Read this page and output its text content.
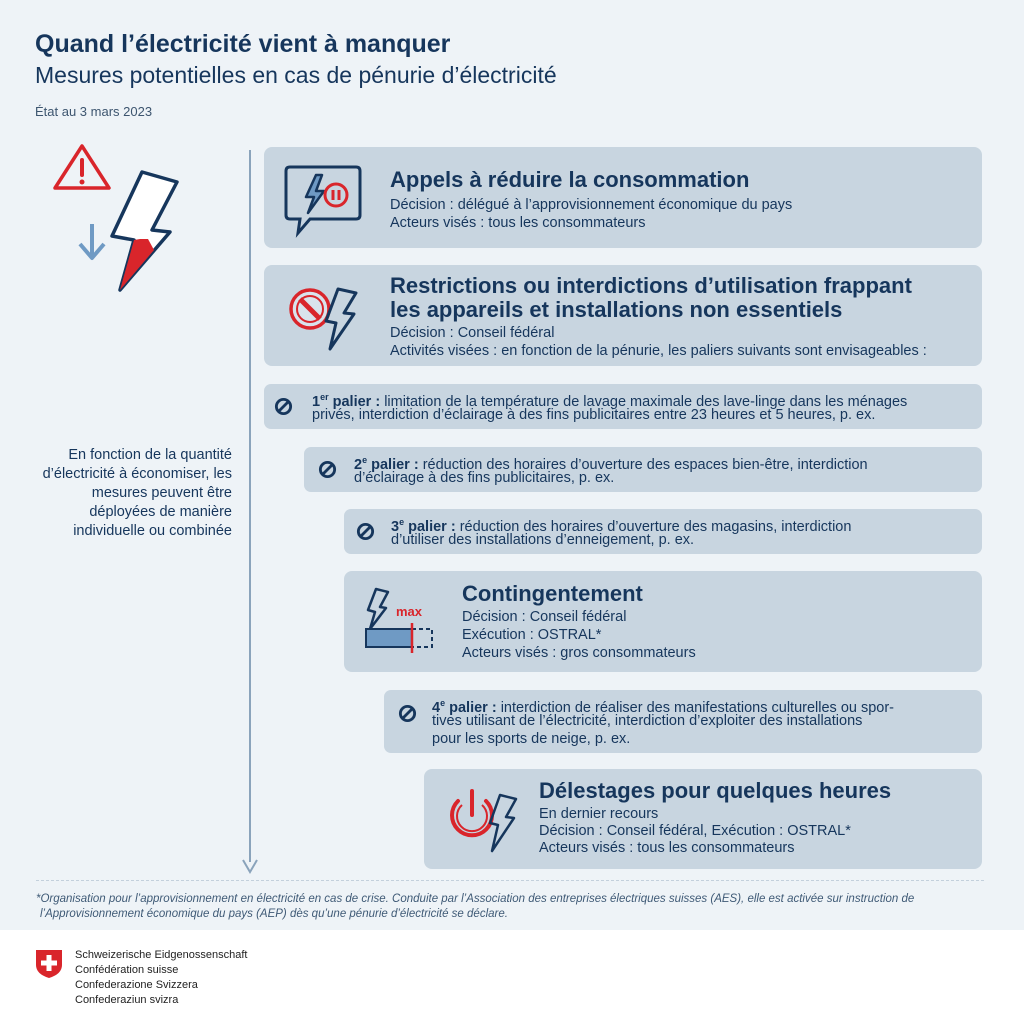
Quand l’électricité vient à manquer
Mesures potentielles en cas de pénurie d’électricité
État au 3 mars 2023
En fonction de la quantité d’électricité à économiser, les mesures peuvent être déployées de manière individuelle ou combinée
Appels à réduire la consommation
Décision : délégué à l’approvisionnement économique du pays
Acteurs visés : tous les consommateurs
Restrictions ou interdictions d’utilisation frappant
les appareils et installations non essentiels
Décision : Conseil fédéral
Activités visées : en fonction de la pénurie, les paliers suivants sont envisageables :
1er palier : limitation de la température de lavage maximale des lave-linge dans les ménages
privés, interdiction d’éclairage à des fins publicitaires entre 23 heures et 5 heures, p. ex.
2e palier : réduction des horaires d’ouverture des espaces bien-être, interdiction
d’éclairage à des fins publicitaires, p. ex.
3e palier : réduction des horaires d’ouverture des magasins, interdiction
d’utiliser des installations d’enneigement, p. ex.
max
Contingentement
Décision : Conseil fédéral
Exécution : OSTRAL*
Acteurs visés : gros consommateurs
4e palier : interdiction de réaliser des manifestations culturelles ou spor-
tives utilisant de l’électricité, interdiction d’exploiter des installations
pour les sports de neige, p. ex.
Délestages pour quelques heures
En dernier recours
Décision : Conseil fédéral, Exécution : OSTRAL*
Acteurs visés : tous les consommateurs
*Organisation pour l’approvisionnement en électricité en cas de crise. Conduite par l’Association des entreprises électriques suisses (AES), elle est activée sur instruction de
l’Approvisionnement économique du pays (AEP) dès qu’une pénurie d’électricité se déclare.
Schweizerische Eidgenossenschaft
Confédération suisse
Confederazione Svizzera
Confederaziun svizra
